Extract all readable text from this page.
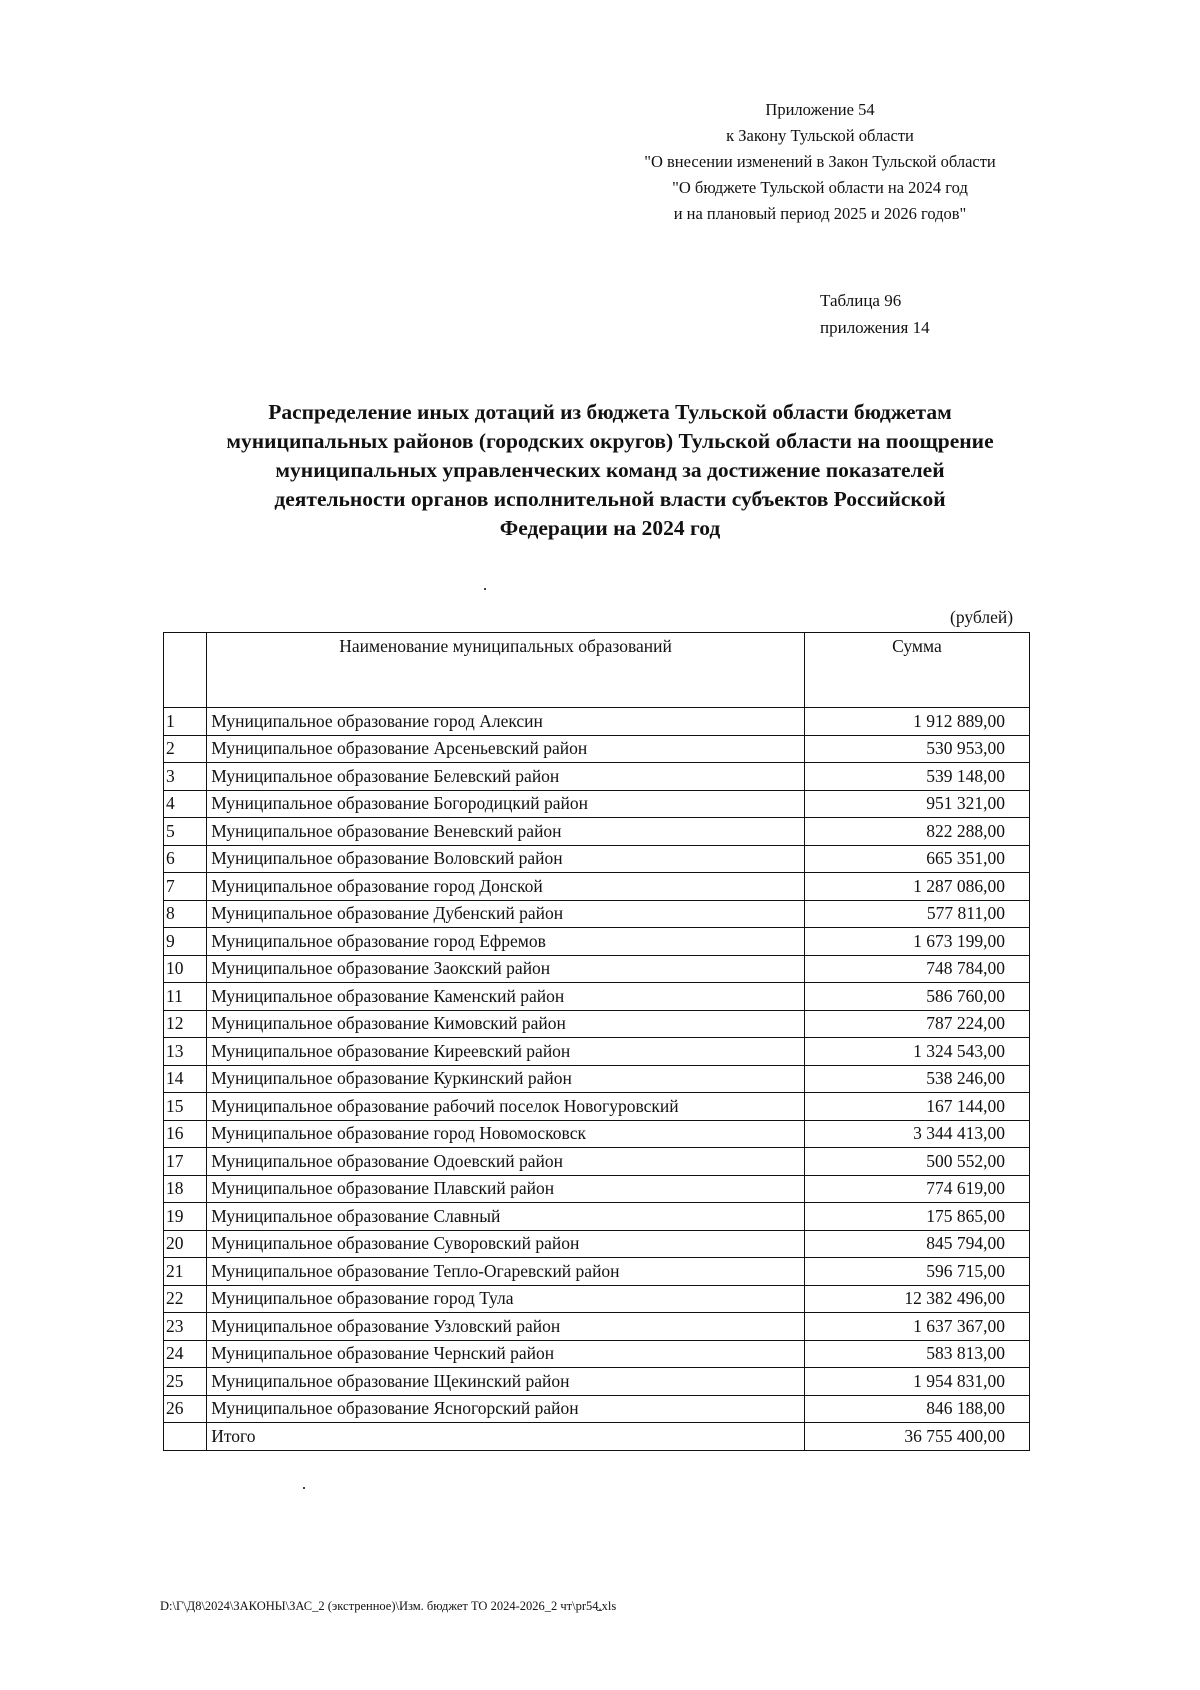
Приложение 54
к Закону Тульской области
"О внесении изменений в Закон Тульской области
"О бюджете Тульской области на 2024 год
и на плановый период 2025 и 2026 годов"
Таблица 96
приложения 14
Распределение иных дотаций из бюджета Тульской области бюджетам
муниципальных районов (городских округов) Тульской области на поощрение
муниципальных управленческих команд за достижение показателей
деятельности органов исполнительной власти субъектов Российской
Федерации на 2024 год
(рублей)
	Наименование муниципальных образований	Сумма
1	Муниципальное образование город Алексин	1 912 889,00
2	Муниципальное образование Арсеньевский район	530 953,00
3	Муниципальное образование Белевский район	539 148,00
4	Муниципальное образование Богородицкий район	951 321,00
5	Муниципальное образование Веневский район	822 288,00
6	Муниципальное образование Воловский район	665 351,00
7	Муниципальное образование город Донской	1 287 086,00
8	Муниципальное образование Дубенский район	577 811,00
9	Муниципальное образование город Ефремов	1 673 199,00
10	Муниципальное образование Заокский район	748 784,00
11	Муниципальное образование Каменский район	586 760,00
12	Муниципальное образование Кимовский район	787 224,00
13	Муниципальное образование Киреевский район	1 324 543,00
14	Муниципальное образование Куркинский район	538 246,00
15	Муниципальное образование рабочий поселок Новогуровский	167 144,00
16	Муниципальное образование город Новомосковск	3 344 413,00
17	Муниципальное образование Одоевский район	500 552,00
18	Муниципальное образование Плавский район	774 619,00
19	Муниципальное образование Славный	175 865,00
20	Муниципальное образование Суворовский район	845 794,00
21	Муниципальное образование Тепло-Огаревский район	596 715,00
22	Муниципальное образование город Тула	12 382 496,00
23	Муниципальное образование Узловский район	1 637 367,00
24	Муниципальное образование Чернский район	583 813,00
25	Муниципальное образование Щекинский район	1 954 831,00
26	Муниципальное образование Ясногорский район	846 188,00
	Итого	36 755 400,00
D:\Г\Д8\2024\ЗАКОНЫ\ЗАС_2 (экстренное)\Изм. бюджет ТО 2024-2026_2 чт\pr54.xls
